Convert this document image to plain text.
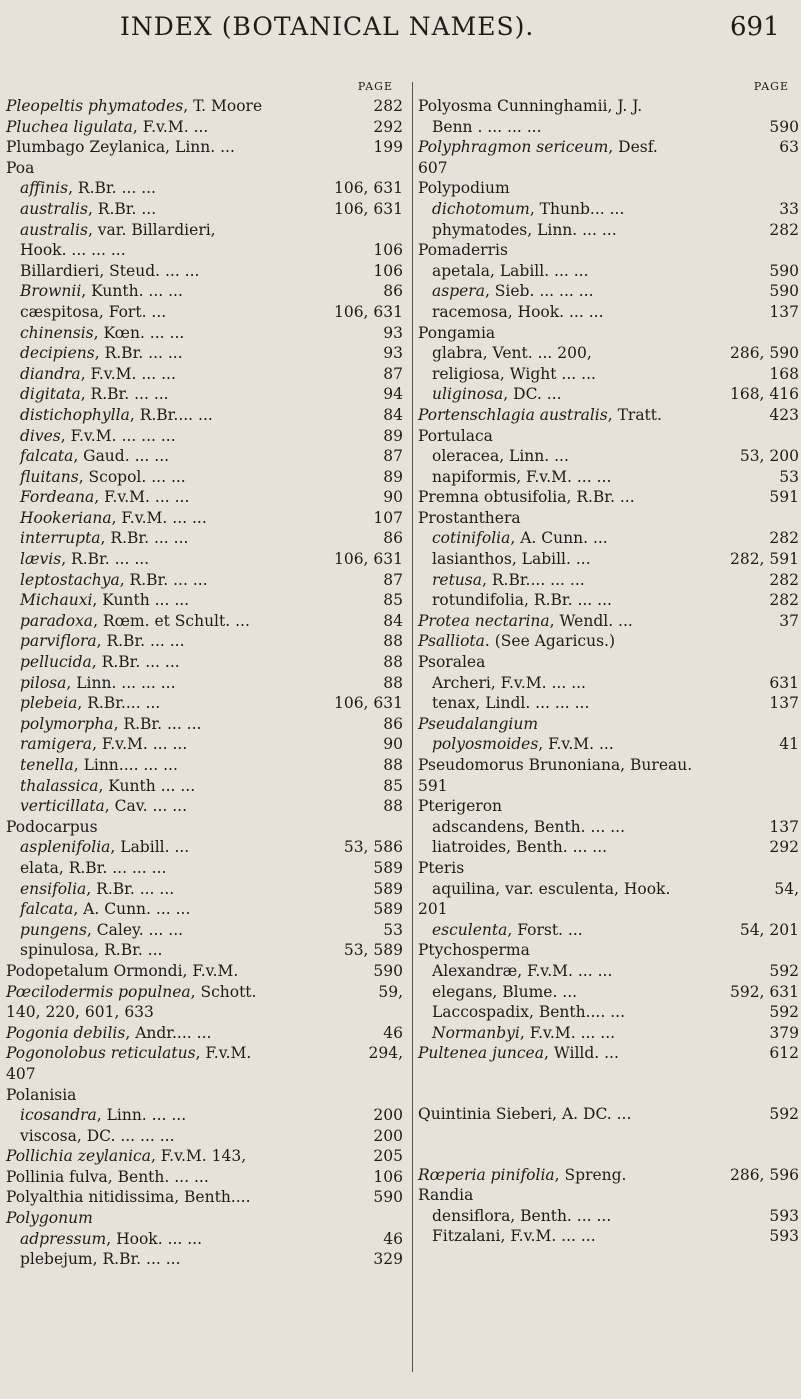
INDEX (BOTANICAL NAMES).	691
PAGE
Pleopeltis phymatodes, T. Moore	282
Pluchea ligulata, F.v.M. ...	292
Plumbago Zeylanica, Linn. ...	199
Poa
affinis, R.Br. ... ...	106, 631
australis, R.Br. ...	106, 631
australis, var. Billardieri,
Hook. ... ... ...	106
Billardieri, Steud. ... ...	106
Brownii, Kunth. ... ...	86
cæspitosa, Fort. ...	106, 631
chinensis, Kœn. ... ...	93
decipiens, R.Br. ... ...	93
diandra, F.v.M. ... ...	87
digitata, R.Br. ... ...	94
distichophylla, R.Br.... ...	84
dives, F.v.M. ... ... ...	89
falcata, Gaud. ... ...	87
fluitans, Scopol. ... ...	89
Fordeana, F.v.M. ... ...	90
Hookeriana, F.v.M. ... ...	107
interrupta, R.Br. ... ...	86
lævis, R.Br. ... ...	106, 631
leptostachya, R.Br. ... ...	87
Michauxi, Kunth ... ...	85
paradoxa, Rœm. et Schult. ...	84
parviflora, R.Br. ... ...	88
pellucida, R.Br. ... ...	88
pilosa, Linn. ... ... ...	88
plebeia, R.Br.... ...	106, 631
polymorpha, R.Br. ... ...	86
ramigera, F.v.M. ... ...	90
tenella, Linn.... ... ...	88
thalassica, Kunth ... ...	85
verticillata, Cav. ... ...	88
Podocarpus
asplenifolia, Labill. ...	53, 586
elata, R.Br. ... ... ...	589
ensifolia, R.Br. ... ...	589
falcata, A. Cunn. ... ...	589
pungens, Caley. ... ...	53
spinulosa, R.Br. ...	53, 589
Podopetalum Ormondi, F.v.M.	590
Pœcilodermis populnea, Schott.	59,
140, 220, 601, 633
Pogonia debilis, Andr.... ...	46
Pogonolobus reticulatus, F.v.M.	294,
407
Polanisia
icosandra, Linn. ... ...	200
viscosa, DC. ... ... ...	200
Pollichia zeylanica, F.v.M. 143,	205
Pollinia fulva, Benth. ... ...	106
Polyalthia nitidissima, Benth....	590
Polygonum
adpressum, Hook. ... ...	46
plebejum, R.Br. ... ...	329
PAGE
Polyosma Cunninghamii, J. J.
Benn . ... ... ...	590
Polyphragmon sericeum, Desf.	63
607
Polypodium
dichotomum, Thunb... ...	33
phymatodes, Linn. ... ...	282
Pomaderris
apetala, Labill. ... ...	590
aspera, Sieb. ... ... ...	590
racemosa, Hook. ... ...	137
Pongamia
glabra, Vent. ... 200,	286, 590
religiosa, Wight ... ...	168
uliginosa, DC. ...	168, 416
Portenschlagia australis, Tratt.	423
Portulaca
oleracea, Linn. ...	53, 200
napiformis, F.v.M. ... ...	53
Premna obtusifolia, R.Br. ...	591
Prostanthera
cotinifolia, A. Cunn. ...	282
lasianthos, Labill. ...	282, 591
retusa, R.Br.... ... ...	282
rotundifolia, R.Br. ... ...	282
Protea nectarina, Wendl. ...	37
Psalliota. (See Agaricus.)
Psoralea
Archeri, F.v.M. ... ...	631
tenax, Lindl. ... ... ...	137
Pseudalangium
polyosmoides, F.v.M. ...	41
Pseudomorus Brunoniana, Bureau.
591
Pterigeron
adscandens, Benth. ... ...	137
liatroides, Benth. ... ...	292
Pteris
aquilina, var. esculenta, Hook.	54,
201
esculenta, Forst. ...	54, 201
Ptychosperma
Alexandræ, F.v.M. ... ...	592
elegans, Blume. ...	592, 631
Laccospadix, Benth.... ...	592
Normanbyi, F.v.M. ... ...	379
Pultenea juncea, Willd. ...	612
Quintinia Sieberi, A. DC. ...	592
Rœperia pinifolia, Spreng.	286, 596
Randia
densiflora, Benth. ... ...	593
Fitzalani, F.v.M. ... ...	593
